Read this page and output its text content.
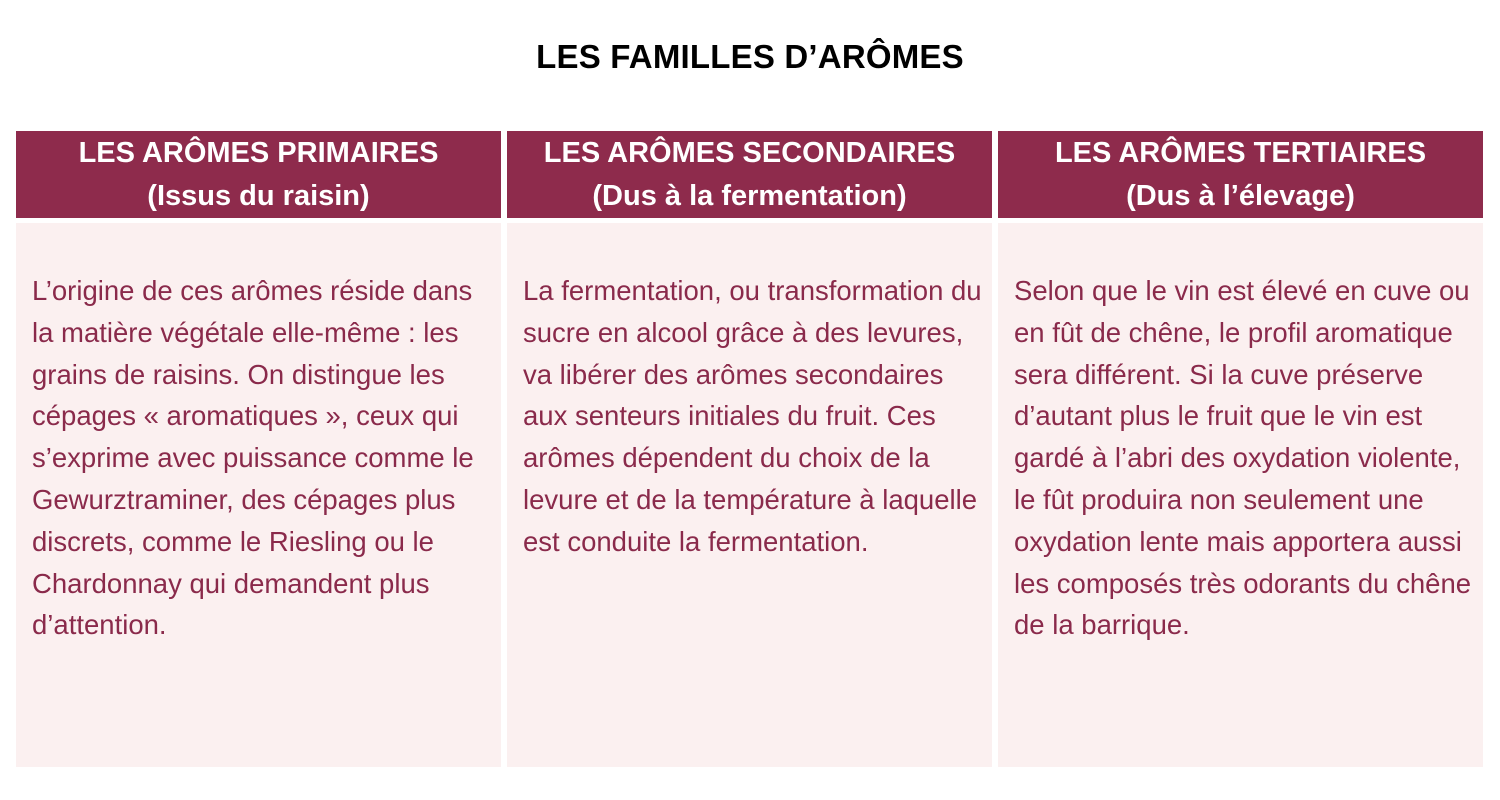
LES FAMILLES D’ARÔMES
LES ARÔMES PRIMAIRES
(Issus du raisin)
L’origine de ces arômes réside dans la matière végétale elle-même : les grains de raisins. On distingue les cépages « aromatiques », ceux qui s’exprime avec puissance comme le Gewurztraminer, des cépages plus discrets, comme le Riesling ou le Chardonnay qui demandent plus d’attention.
LES ARÔMES SECONDAIRES
(Dus à la fermentation)
La fermentation, ou transformation du sucre en alcool grâce à des levures, va libérer des arômes secondaires aux senteurs initiales du fruit. Ces arômes dépendent du choix de la levure et de la température à laquelle est conduite la fermentation.
LES ARÔMES TERTIAIRES
(Dus à l’élevage)
Selon que le vin est élevé en cuve ou en fût de chêne, le profil aromatique sera différent. Si la cuve préserve d’autant plus le fruit que le vin est gardé à l’abri des oxydation violente, le fût produira non seulement une oxydation lente mais apportera aussi les composés très odorants du chêne de la barrique.
